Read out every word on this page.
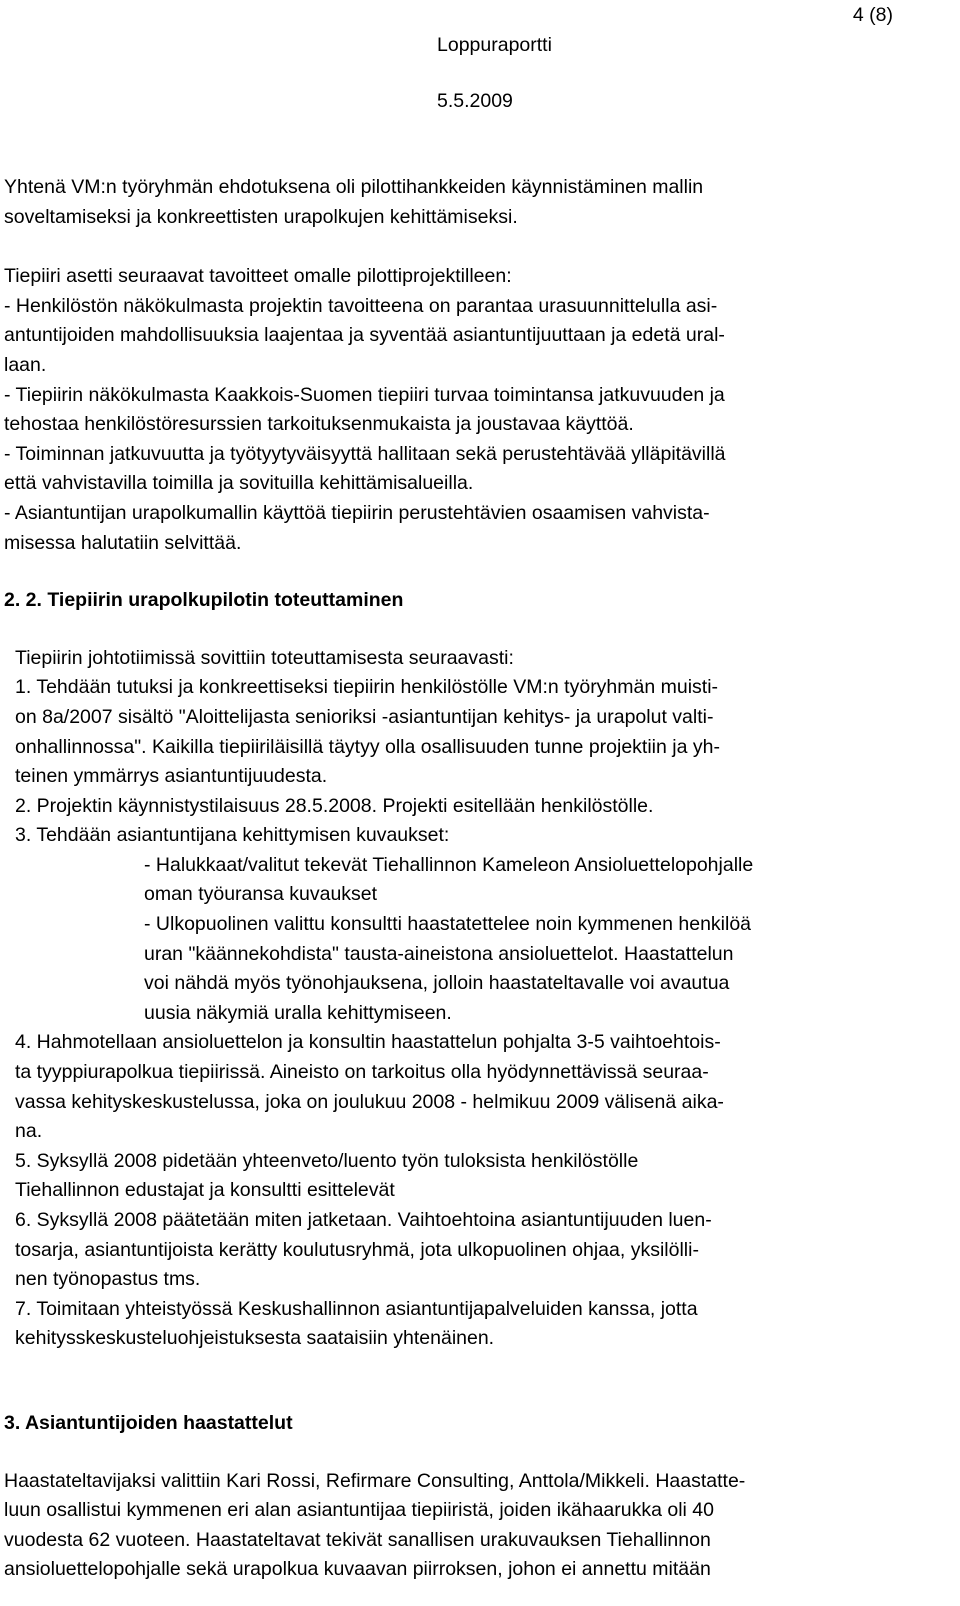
4 (8)
Loppuraportti
5.5.2009

Yhtenä VM:n työryhmän ehdotuksena oli pilottihankkeiden käynnistäminen mallin

soveltamiseksi ja konkreettisten urapolkujen kehittämiseksi.

Tiepiiri asetti seuraavat tavoitteet omalle pilottiprojektilleen:

- Henkilöstön näkökulmasta projektin tavoitteena on parantaa urasuunnittelulla asi-

antuntijoiden mahdollisuuksia laajentaa ja syventää asiantuntijuuttaan ja edetä ural-

laan.

- Tiepiirin näkökulmasta Kaakkois-Suomen tiepiiri turvaa toimintansa jatkuvuuden ja

tehostaa henkilöstöresurssien tarkoituksenmukaista ja joustavaa käyttöä.

- Toiminnan jatkuvuutta ja työtyytyväisyyttä hallitaan sekä perustehtävää ylläpitävillä

että vahvistavilla toimilla ja sovituilla kehittämisalueilla.

- Asiantuntijan urapolkumallin käyttöä tiepiirin perustehtävien osaamisen vahvista-

misessa halutatiin selvittää.

2. 2. Tiepiirin urapolkupilotin toteuttaminen

Tiepiirin johtotiimissä sovittiin toteuttamisesta seuraavasti:

1. Tehdään tutuksi ja konkreettiseksi tiepiirin henkilöstölle VM:n työryhmän muisti-

on 8a/2007 sisältö "Aloittelijasta senioriksi -asiantuntijan kehitys- ja urapolut valti-

onhallinnossa". Kaikilla tiepiiriläisillä täytyy olla osallisuuden tunne projektiin ja yh-

teinen ymmärrys asiantuntijuudesta.

2. Projektin käynnistystilaisuus 28.5.2008. Projekti esitellään henkilöstölle.

3. Tehdään asiantuntijana kehittymisen kuvaukset:

- Halukkaat/valitut tekevät Tiehallinnon Kameleon Ansioluettelopohjalle

oman työuransa kuvaukset

- Ulkopuolinen valittu konsultti haastatettelee noin kymmenen henkilöä

uran "käännekohdista" tausta-aineistona ansioluettelot. Haastattelun

voi nähdä myös työnohjauksena, jolloin haastateltavalle voi avautua

uusia näkymiä uralla kehittymiseen.

4. Hahmotellaan ansioluettelon ja konsultin haastattelun pohjalta 3-5 vaihtoehtois-

ta tyyppiurapolkua tiepiirissä. Aineisto on tarkoitus olla hyödynnettävissä seuraa-

vassa kehityskeskustelussa, joka on joulukuu 2008 - helmikuu 2009 välisenä aika-

na.

5. Syksyllä 2008 pidetään yhteenveto/luento työn tuloksista henkilöstölle

Tiehallinnon edustajat ja konsultti esittelevät

6. Syksyllä 2008 päätetään miten jatketaan. Vaihtoehtoina asiantuntijuuden luen-

tosarja, asiantuntijoista kerätty koulutusryhmä, jota ulkopuolinen ohjaa, yksilölli-

nen työnopastus tms.

7. Toimitaan yhteistyössä Keskushallinnon asiantuntijapalveluiden kanssa, jotta

kehitysskeskusteluohjeistuksesta saataisiin yhtenäinen.

3. Asiantuntijoiden haastattelut

Haastateltavijaksi valittiin Kari Rossi, Refirmare Consulting, Anttola/Mikkeli. Haastatte-

luun osallistui kymmenen eri alan asiantuntijaa tiepiiristä, joiden ikähaarukka oli 40

vuodesta 62 vuoteen. Haastateltavat tekivät sanallisen urakuvauksen Tiehallinnon

ansioluettelopohjalle sekä urapolkua kuvaavan piirroksen, johon ei annettu mitään
